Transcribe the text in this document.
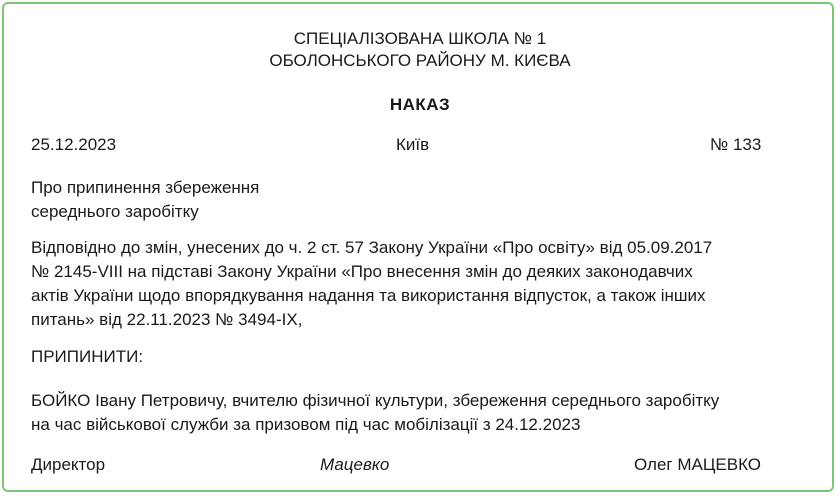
СПЕЦІАЛІЗОВАНА ШКОЛА № 1
ОБОЛОНСЬКОГО РАЙОНУ М. КИЄВА
НАКАЗ
25.12.2023	Київ	№ 133
Про припинення збереження
середнього заробітку
Відповідно до змін, унесених до ч. 2 ст. 57 Закону України «Про освіту» від 05.09.2017
№ 2145-VIII на підставі Закону України «Про внесення змін до деяких законодавчих
актів України щодо впорядкування надання та використання відпусток, а також інших
питань» від 22.11.2023 № 3494-IX,
ПРИПИНИТИ:
БОЙКО Івану Петровичу, вчителю фізичної культури, збереження середнього заробітку
на час військової служби за призовом під час мобілізації з 24.12.2023
Директор	Мацевко	Олег МАЦЕВКО
